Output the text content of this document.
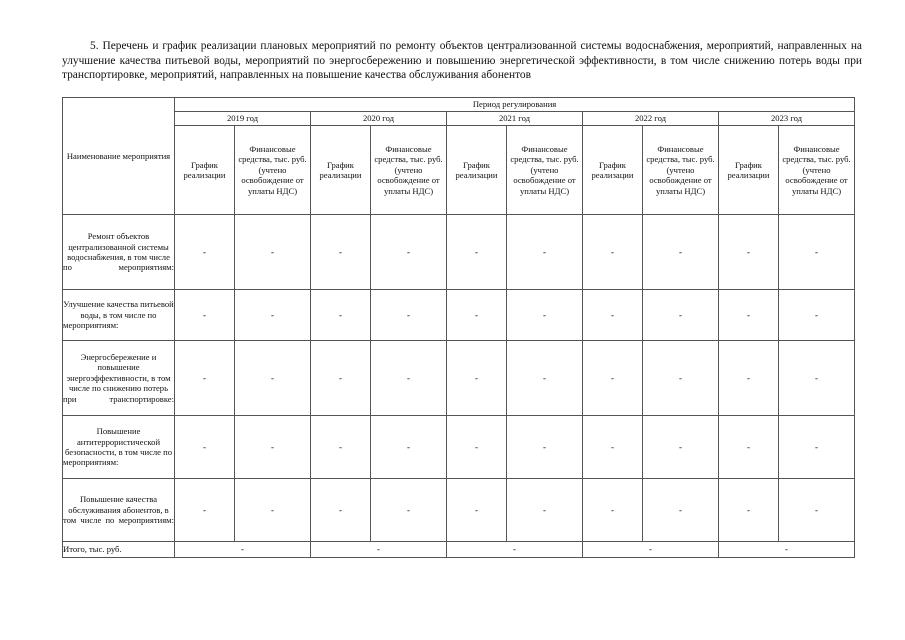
5. Перечень и график реализации плановых мероприятий по ремонту объектов централизованной системы водоснабжения, мероприятий, направленных на улучшение качества питьевой воды, мероприятий по энергосбережению и повышению энергетической эффективности, в том числе снижению потерь воды при транспортировке, мероприятий, направленных на повышение качества обслуживания абонентов
Наименование мероприятия	Период регулирования									
	2019 год		2020 год		2021 год		2022 год		2023 год	
	График реализации	Финансовые средства, тыс. руб. (учтено освобождение от уплаты НДС)	График реализации	Финансовые средства, тыс. руб. (учтено освобождение от уплаты НДС)	График реализации	Финансовые средства, тыс. руб. (учтено освобождение от уплаты НДС)	График реализации	Финансовые средства, тыс. руб. (учтено освобождение от уплаты НДС)	График реализации	Финансовые средства, тыс. руб. (учтено освобождение от уплаты НДС)
Ремонт объектов централизованной системы водоснабжения, в том числе по мероприятиям:	-	-	-	-	-	-	-	-	-	-
Улучшение качества питьевой воды, в том числе по мероприятиям:	-	-	-	-	-	-	-	-	-	-
Энергосбережение и повышение энергоэффективности, в том числе по снижению потерь при транспортировке:	-	-	-	-	-	-	-	-	-	-
Повышение антитеррористической безопасности, в том числе по мероприятиям:	-	-	-	-	-	-	-	-	-	-
Повышение качества обслуживания абонентов, в том числе по мероприятиям:	-	-	-	-	-	-	-	-	-	-
Итого, тыс. руб.	-		-		-		-		-	
